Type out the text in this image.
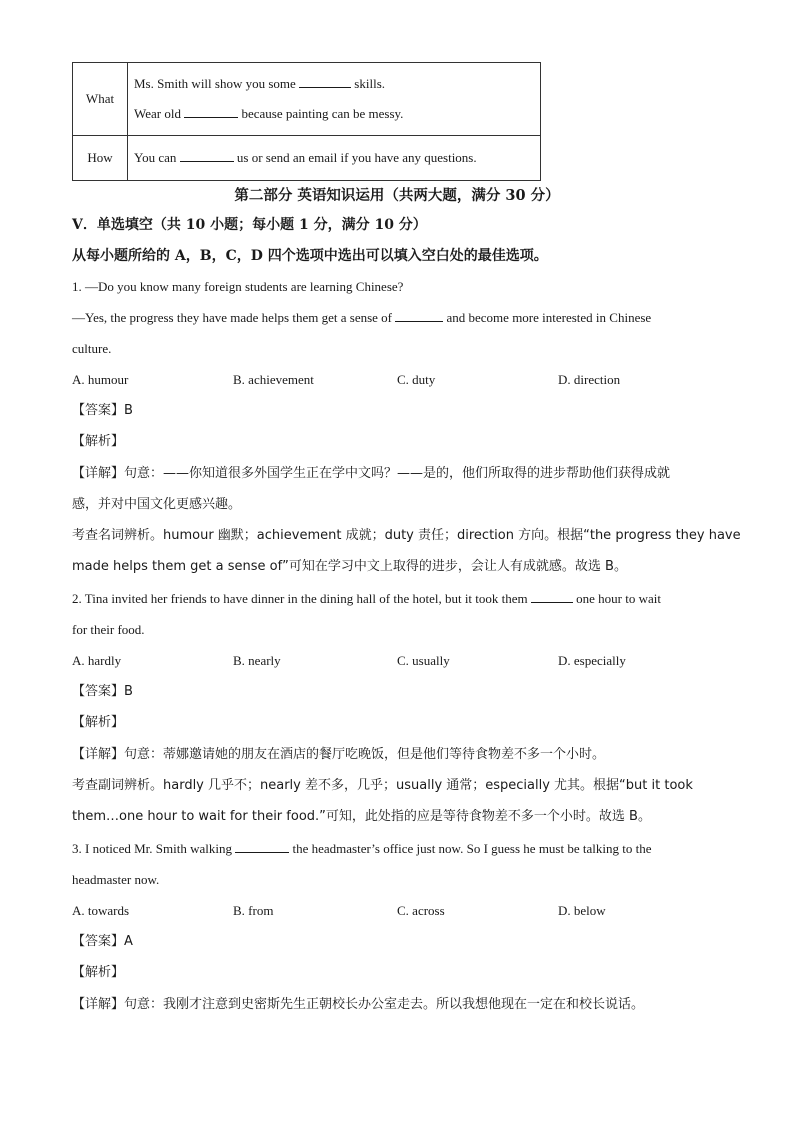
What	Ms. Smith will show you some skills.
Wear old because painting can be messy.

How	You can us or send an email if you have any questions.
第二部分 英语知识运用（共两大题，满分 30 分）
Ⅴ．单选填空（共 10 小题；每小题 1 分，满分 10 分）
从每小题所给的 A，B，C，D 四个选项中选出可以填入空白处的最佳选项。
1. —Do you know many foreign students are learning Chinese?
—Yes, the progress they have made helps them get a sense of	and become more interested in Chinese
culture.
A. humour	B. achievement	C. duty	D. direction
【答案】B
【解析】
【详解】句意：——你知道很多外国学生正在学中文吗？——是的，他们所取得的进步帮助他们获得成就
感，并对中国文化更感兴趣。
考查名词辨析。humour 幽默；achievement 成就；duty 责任；direction 方向。根据“the progress they have
made helps them get a sense of”可知在学习中文上取得的进步，会让人有成就感。故选 B。
2. Tina invited her friends to have dinner in the dining hall of the hotel, but it took them	one hour to wait
for their food.
A. hardly	B. nearly	C. usually	D. especially
【答案】B
【解析】
【详解】句意：蒂娜邀请她的朋友在酒店的餐厅吃晚饭，但是他们等待食物差不多一个小时。
考查副词辨析。hardly 几乎不；nearly 差不多，几乎；usually 通常；especially 尤其。根据“but it took
them…one hour to wait for their food.”可知，此处指的应是等待食物差不多一个小时。故选 B。
3. I noticed Mr. Smith walking	the headmaster’s office just now. So I guess he must be talking to the
headmaster now.
A. towards	B. from	C. across	D. below
【答案】A
【解析】
【详解】句意：我刚才注意到史密斯先生正朝校长办公室走去。所以我想他现在一定在和校长说话。
